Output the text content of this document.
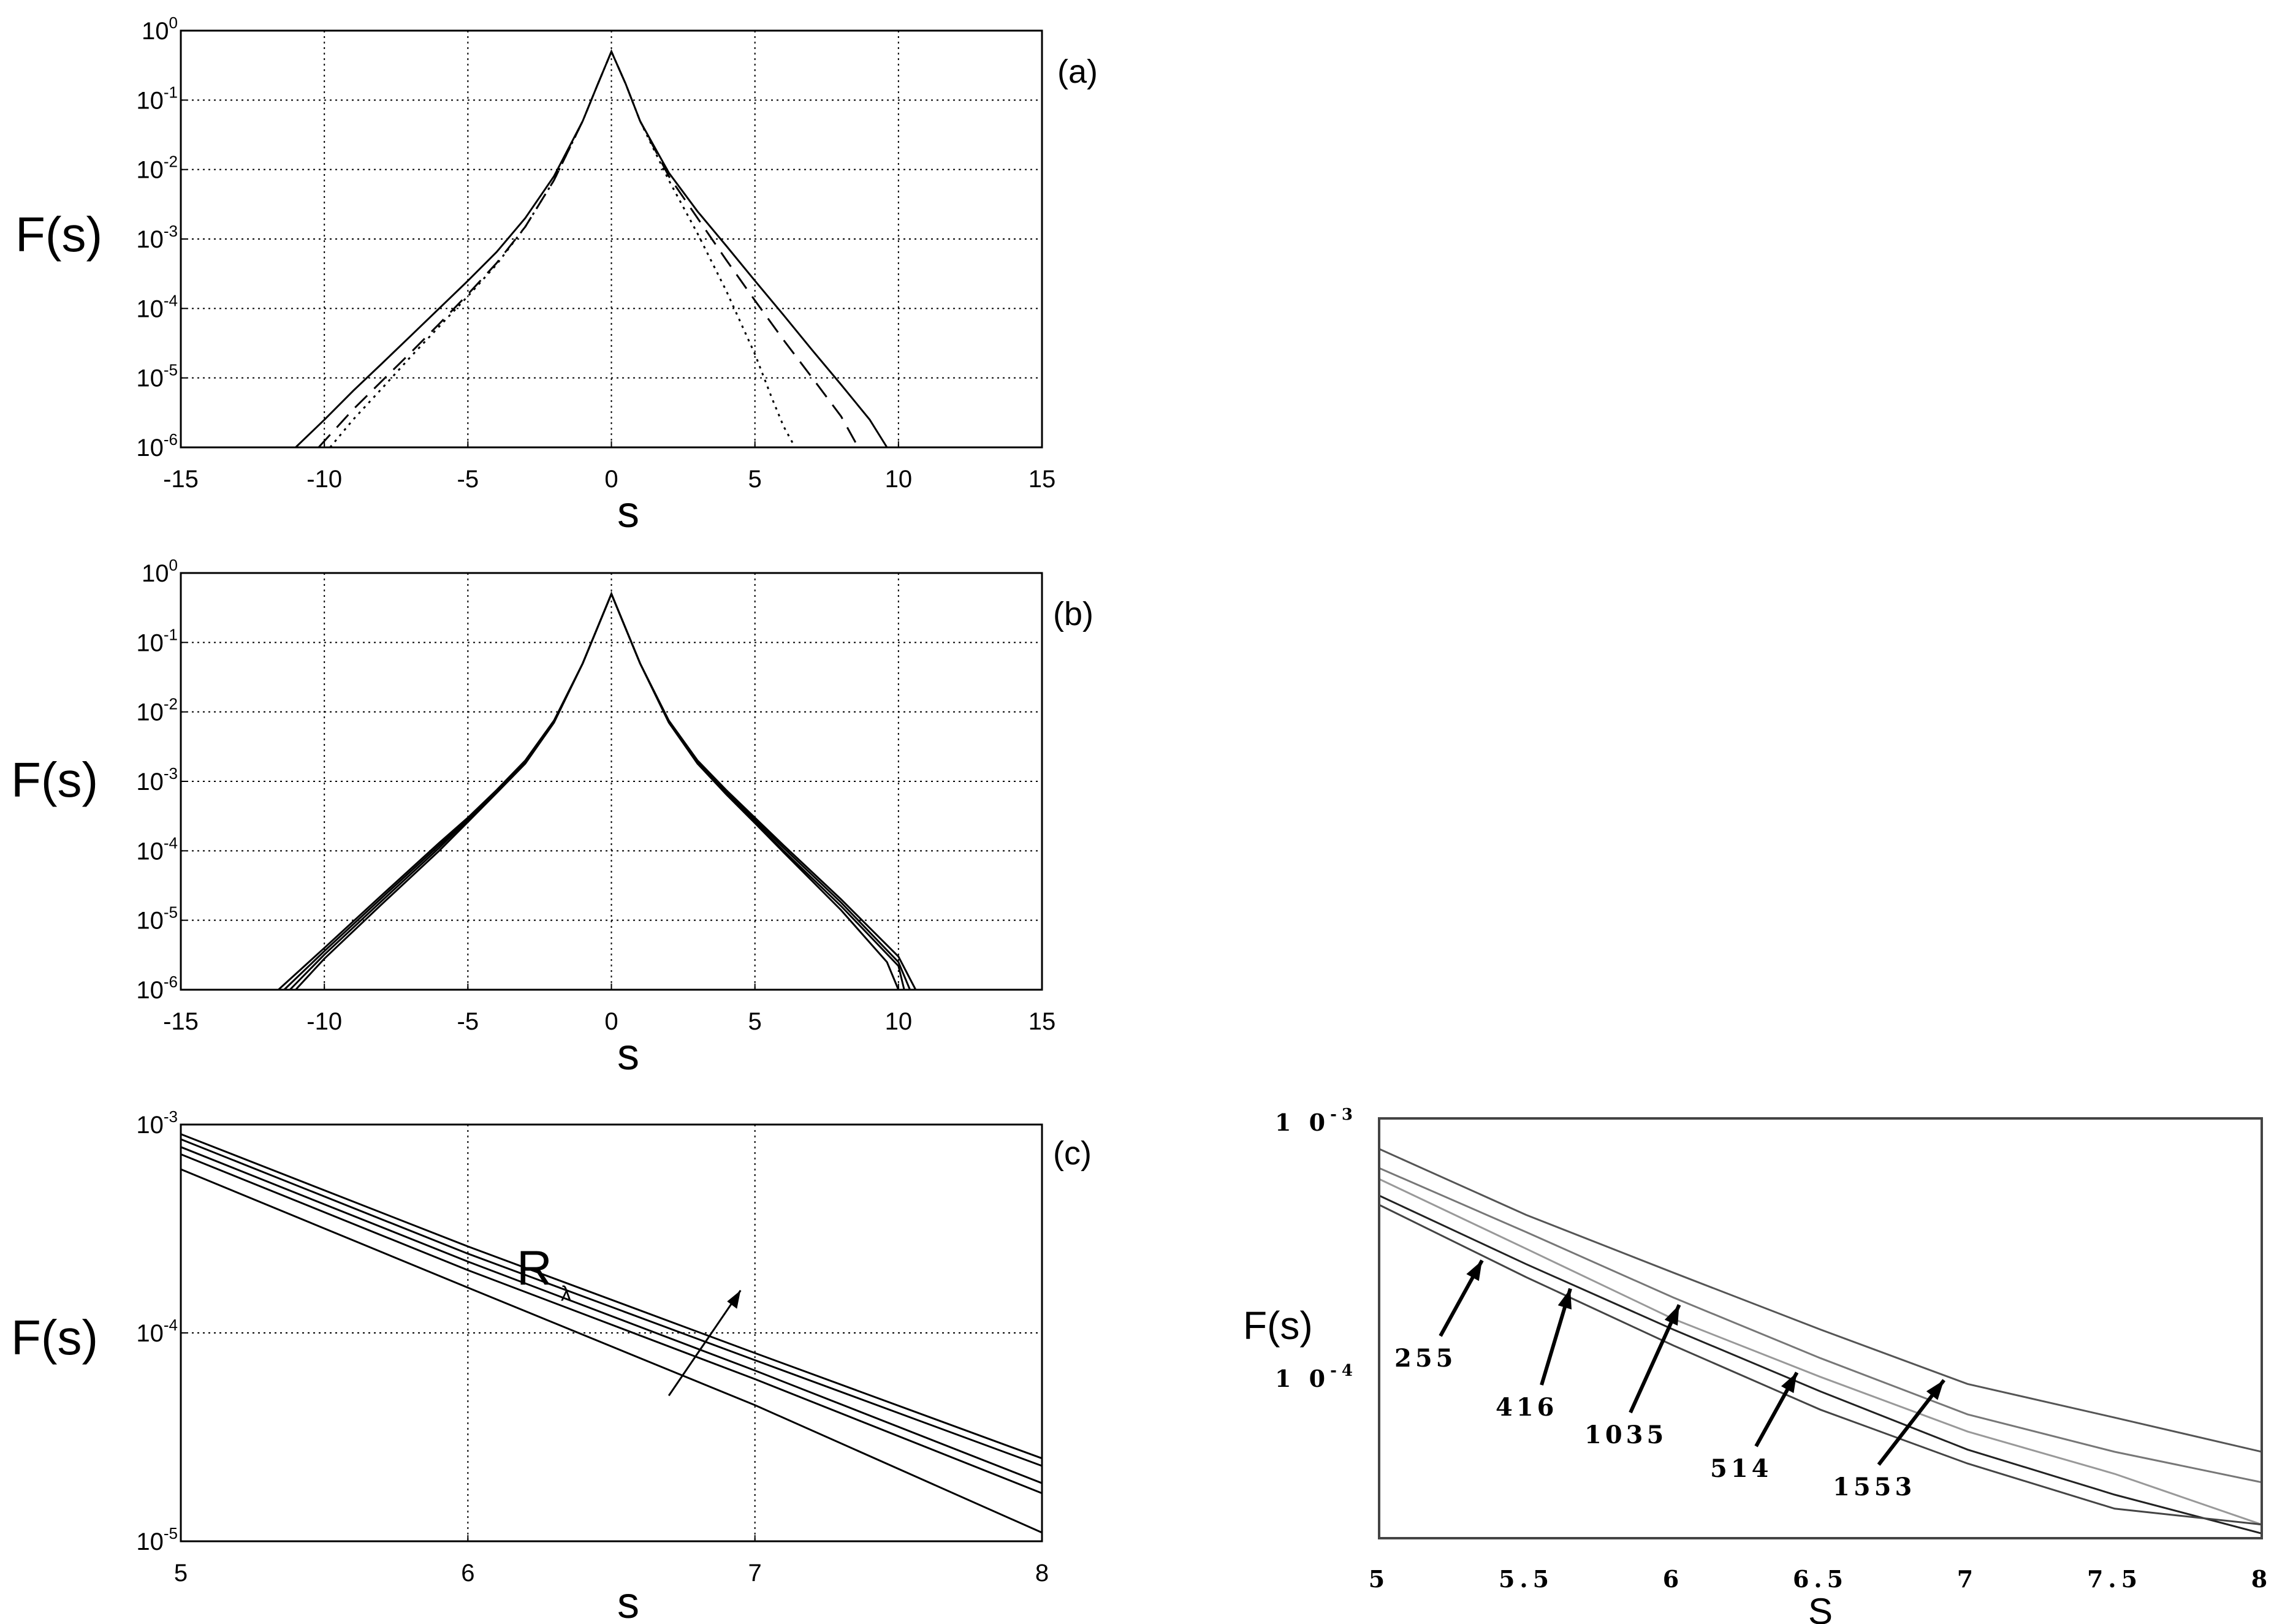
-15	-10	-5	0	5	10	15
$10^{-6}$
$10^{-5}$
$10^{-4}$
$10^{-3}$
$10^{-2}$
$10^{-1}$
$10^0$
F(s)
s
(a)
-15	-10	-5	0	5	10	15
$10^{-6}$
$10^{-5}$
$10^{-4}$
$10^{-3}$
$10^{-2}$
$10^{-1}$
$10^0$
F(s)
s
(b)
5	6	7	8
$10^{-5}$
$10^{-4}$
$10^{-3}$
F(s)
s
(c)
R λ
5	5.5	6	6.5	7	7.5	8
1 $0^{-4}$
1 $0^{-3}$
F(s)
S
255
416
1035
514
1553
